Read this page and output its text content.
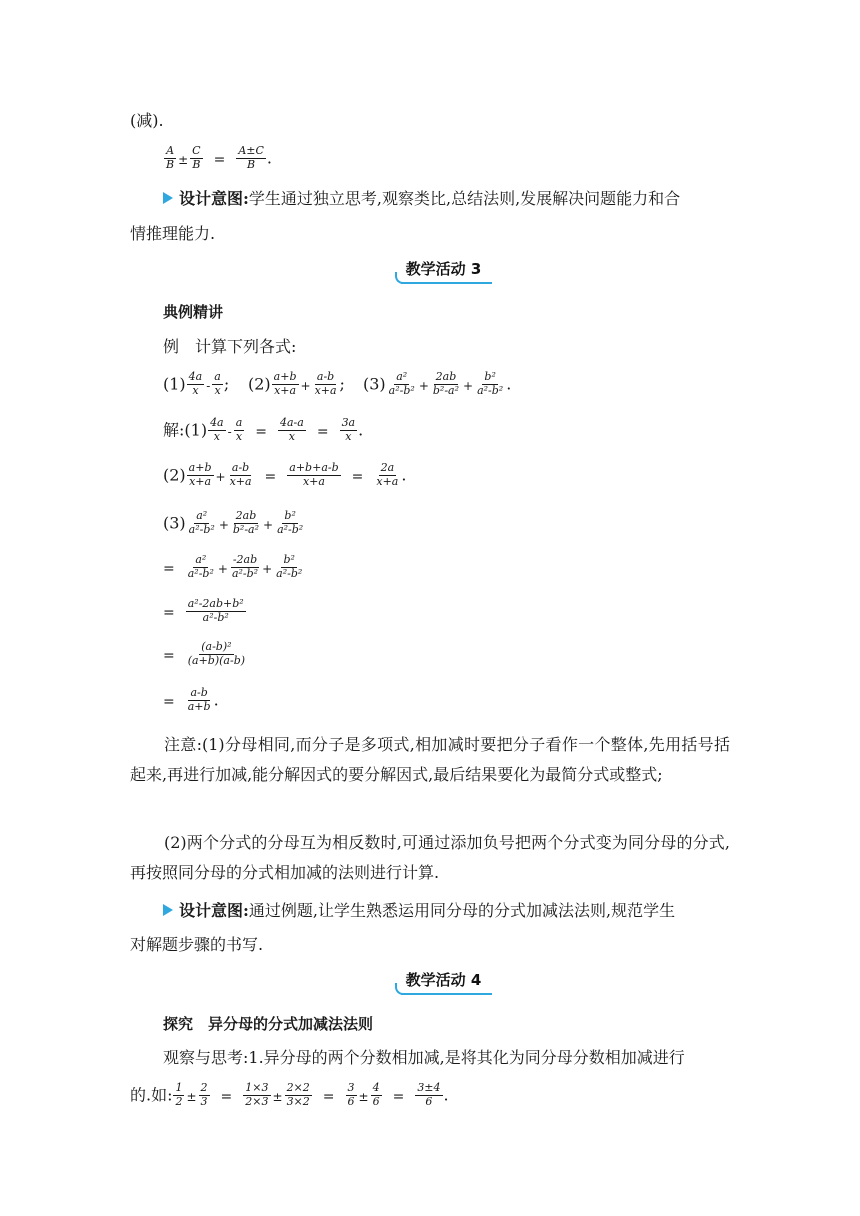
(减).
$\frac{A}{B} \pm \frac{C}{B} = \frac{A\pm C}{B}$ .
设计意图:学生通过独立思考,观察类比,总结法则,发展解决问题能力和合
情推理能力.
教学活动 3
典例精讲
例　计算下列各式:
$(1) \frac{4a}{x} - \frac{a}{x}$ ; $(2) \frac{a+b}{x+a} + \frac{a-b}{x+a}$ ; $(3) \frac{\text{a²}}{\text{a²-b²}} + \frac{2ab}{\text{b²-a²}} + \frac{\text{b²}}{\text{a²-b²}}$ .
解:(1) $\frac{4a}{x} - \frac{a}{x} = \frac{4a-a}{x} = \frac{3a}{x}$ .
$(2) \frac{a+b}{x+a} + \frac{a-b}{x+a} = \frac{a+b+a-b}{x+a} = \frac{2a}{x+a}$ .
$(3) \frac{\text{a²}}{\text{a²-b²}} + \frac{2ab}{\text{b²-a²}} + \frac{\text{b²}}{\text{a²-b²}}$
= $\frac{\text{a²}}{\text{a²-b²}} + \frac{-2ab}{\text{a²-b²}} + \frac{\text{b²}}{\text{a²-b²}}$
= $\frac{\text{a²-2ab+b²}}{\text{a²-b²}}$
= $\frac{\text{(a-b)²}}{(a+b)(a-b)}$
= $\frac{a-b}{a+b}$ .
注意:(1)分母相同,而分子是多项式,相加减时要把分子看作一个整体,先用括号括起来,再进行加减,能分解因式的要分解因式,最后结果要化为最简分式或整式;
(2)两个分式的分母互为相反数时,可通过添加负号把两个分式变为同分母的分式,再按照同分母的分式相加减的法则进行计算.
设计意图:通过例题,让学生熟悉运用同分母的分式加减法法则,规范学生
对解题步骤的书写.
教学活动 4
探究　异分母的分式加减法法则
观察与思考:1.异分母的两个分数相加减,是将其化为同分母分数相加减进行
的.如: $\frac{1}{2} \pm \frac{2}{3} = \frac{1\times 3}{2\times 3} \pm \frac{2\times 2}{3\times 2} = \frac{3}{6} \pm \frac{4}{6} = \frac{3\pm 4}{6}$ .
